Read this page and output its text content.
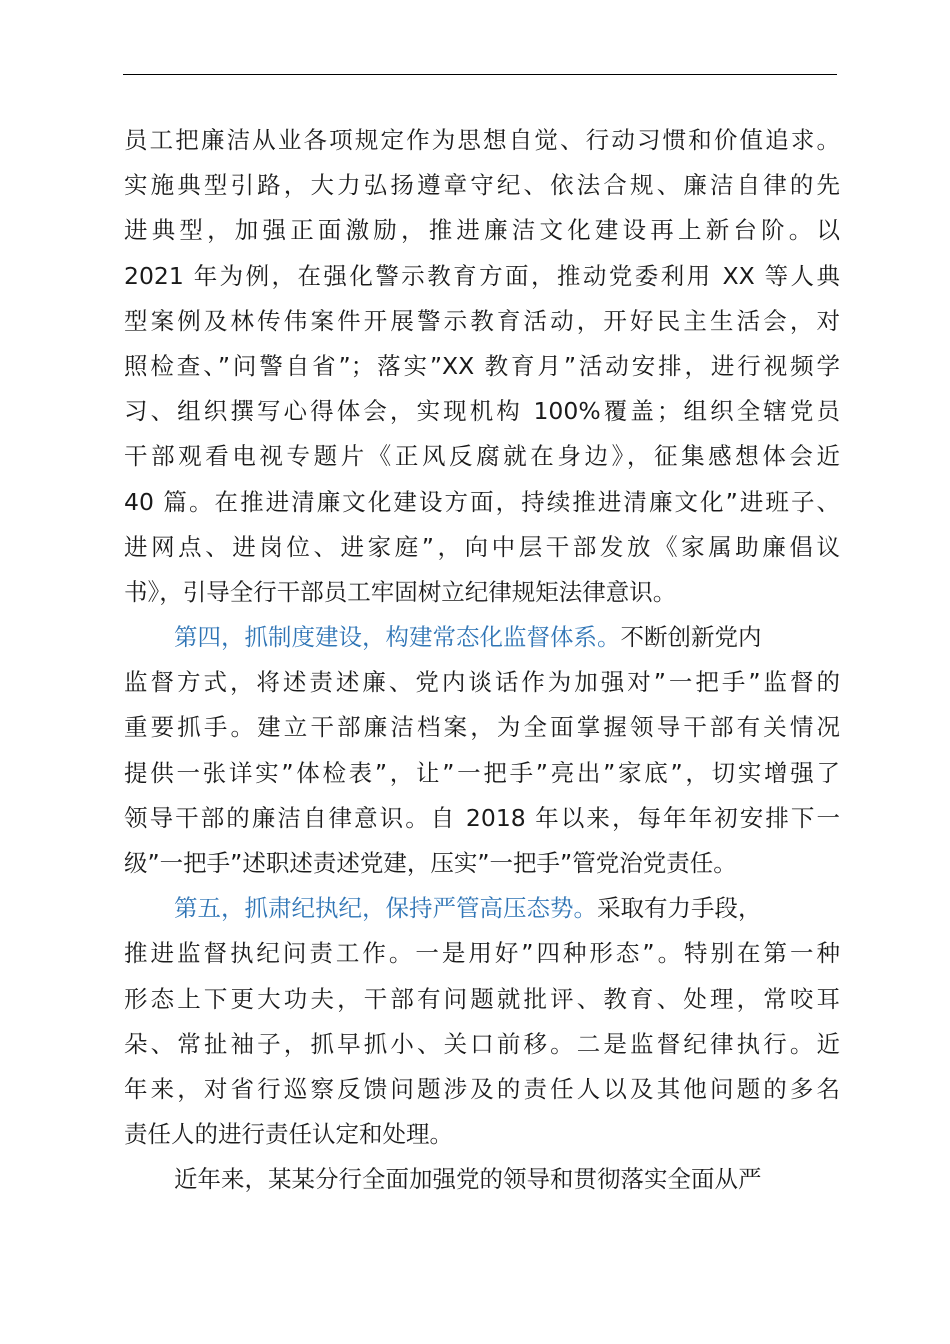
员工把廉洁从业各项规定作为思想自觉、行动习惯和价值追求。
实施典型引路，大力弘扬遵章守纪、依法合规、廉洁自律的先
进典型，加强正面激励，推进廉洁文化建设再上新台阶。以
2021 年为例，在强化警示教育方面，推动党委利用 XX 等人典
型案例及林传伟案件开展警示教育活动，开好民主生活会，对
照检查、”问警自省”；落实”XX 教育月”活动安排，进行视频学
习、组织撰写心得体会，实现机构 100%覆盖；组织全辖党员
干部观看电视专题片《正风反腐就在身边》，征集感想体会近
40 篇。在推进清廉文化建设方面，持续推进清廉文化”进班子、
进网点、进岗位、进家庭”，向中层干部发放《家属助廉倡议
书》，引导全行干部员工牢固树立纪律规矩法律意识。
第四，抓制度建设，构建常态化监督体系。不断创新党内
监督方式，将述责述廉、党内谈话作为加强对”一把手”监督的
重要抓手。建立干部廉洁档案，为全面掌握领导干部有关情况
提供一张详实”体检表”，让”一把手”亮出”家底”，切实增强了
领导干部的廉洁自律意识。自 2018 年以来，每年年初安排下一
级”一把手”述职述责述党建，压实”一把手”管党治党责任。
第五，抓肃纪执纪，保持严管高压态势。采取有力手段，
推进监督执纪问责工作。一是用好”四种形态”。特别在第一种
形态上下更大功夫，干部有问题就批评、教育、处理，常咬耳
朵、常扯袖子，抓早抓小、关口前移。二是监督纪律执行。近
年来，对省行巡察反馈问题涉及的责任人以及其他问题的多名
责任人的进行责任认定和处理。
近年来，某某分行全面加强党的领导和贯彻落实全面从严
